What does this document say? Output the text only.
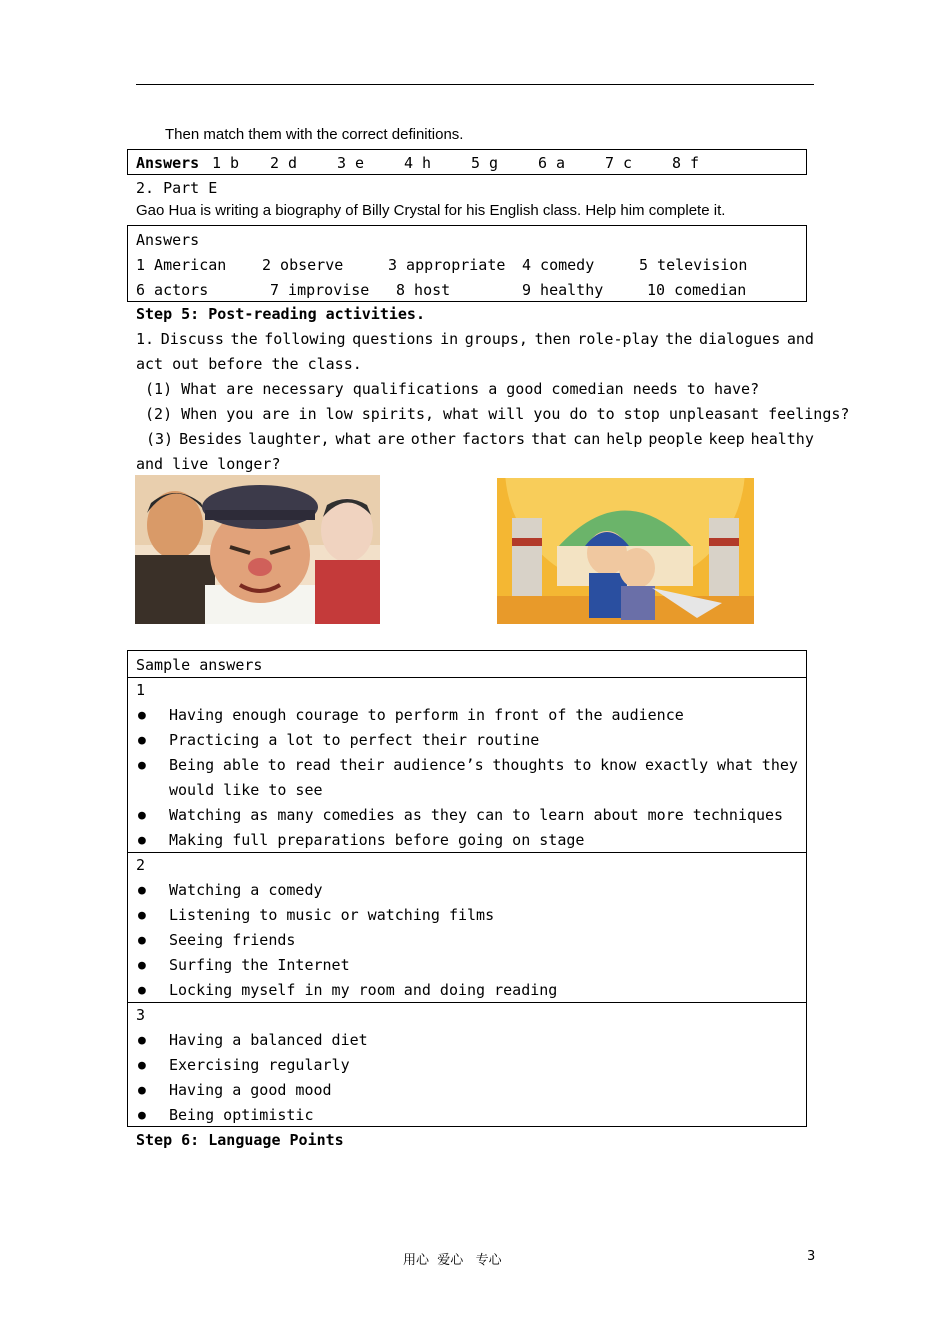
Then match them with the correct definitions.
Answers 1 b 2 d	3 e	4 h	5 g	6 a	7 c	8 f
2. Part E
Gao Hua is writing a biography of Billy Crystal for his English class. Help him complete it.
Answers
1 American 2 observe	3 appropriate 4 comedy	5 television
6 actors	7 improvise 8 host	9 healthy	10 comedian
Step 5: Post-reading activities.
1. Discuss the following questions in groups, then role-play the dialogues and
act out before the class.
(1) What are necessary qualifications a good comedian needs to have?
(2) When you are in low spirits, what will you do to stop unpleasant feelings?
(3) Besides laughter, what are other factors that can help people keep healthy
and live longer?
Sample answers
1
● Having enough courage to perform in front of the audience
● Practicing a lot to perfect their routine
● Being able to read their audience’s thoughts to know exactly what they
would like to see
● Watching as many comedies as they can to learn about more techniques
● Making full preparations before going on stage
2
● Watching a comedy
● Listening to music or watching films
● Seeing friends
● Surfing the Internet
● Locking myself in my room and doing reading
3
● Having a balanced diet
● Exercising regularly
● Having a good mood
● Being optimistic
Step 6: Language Points
用心  爱心   专心	3
